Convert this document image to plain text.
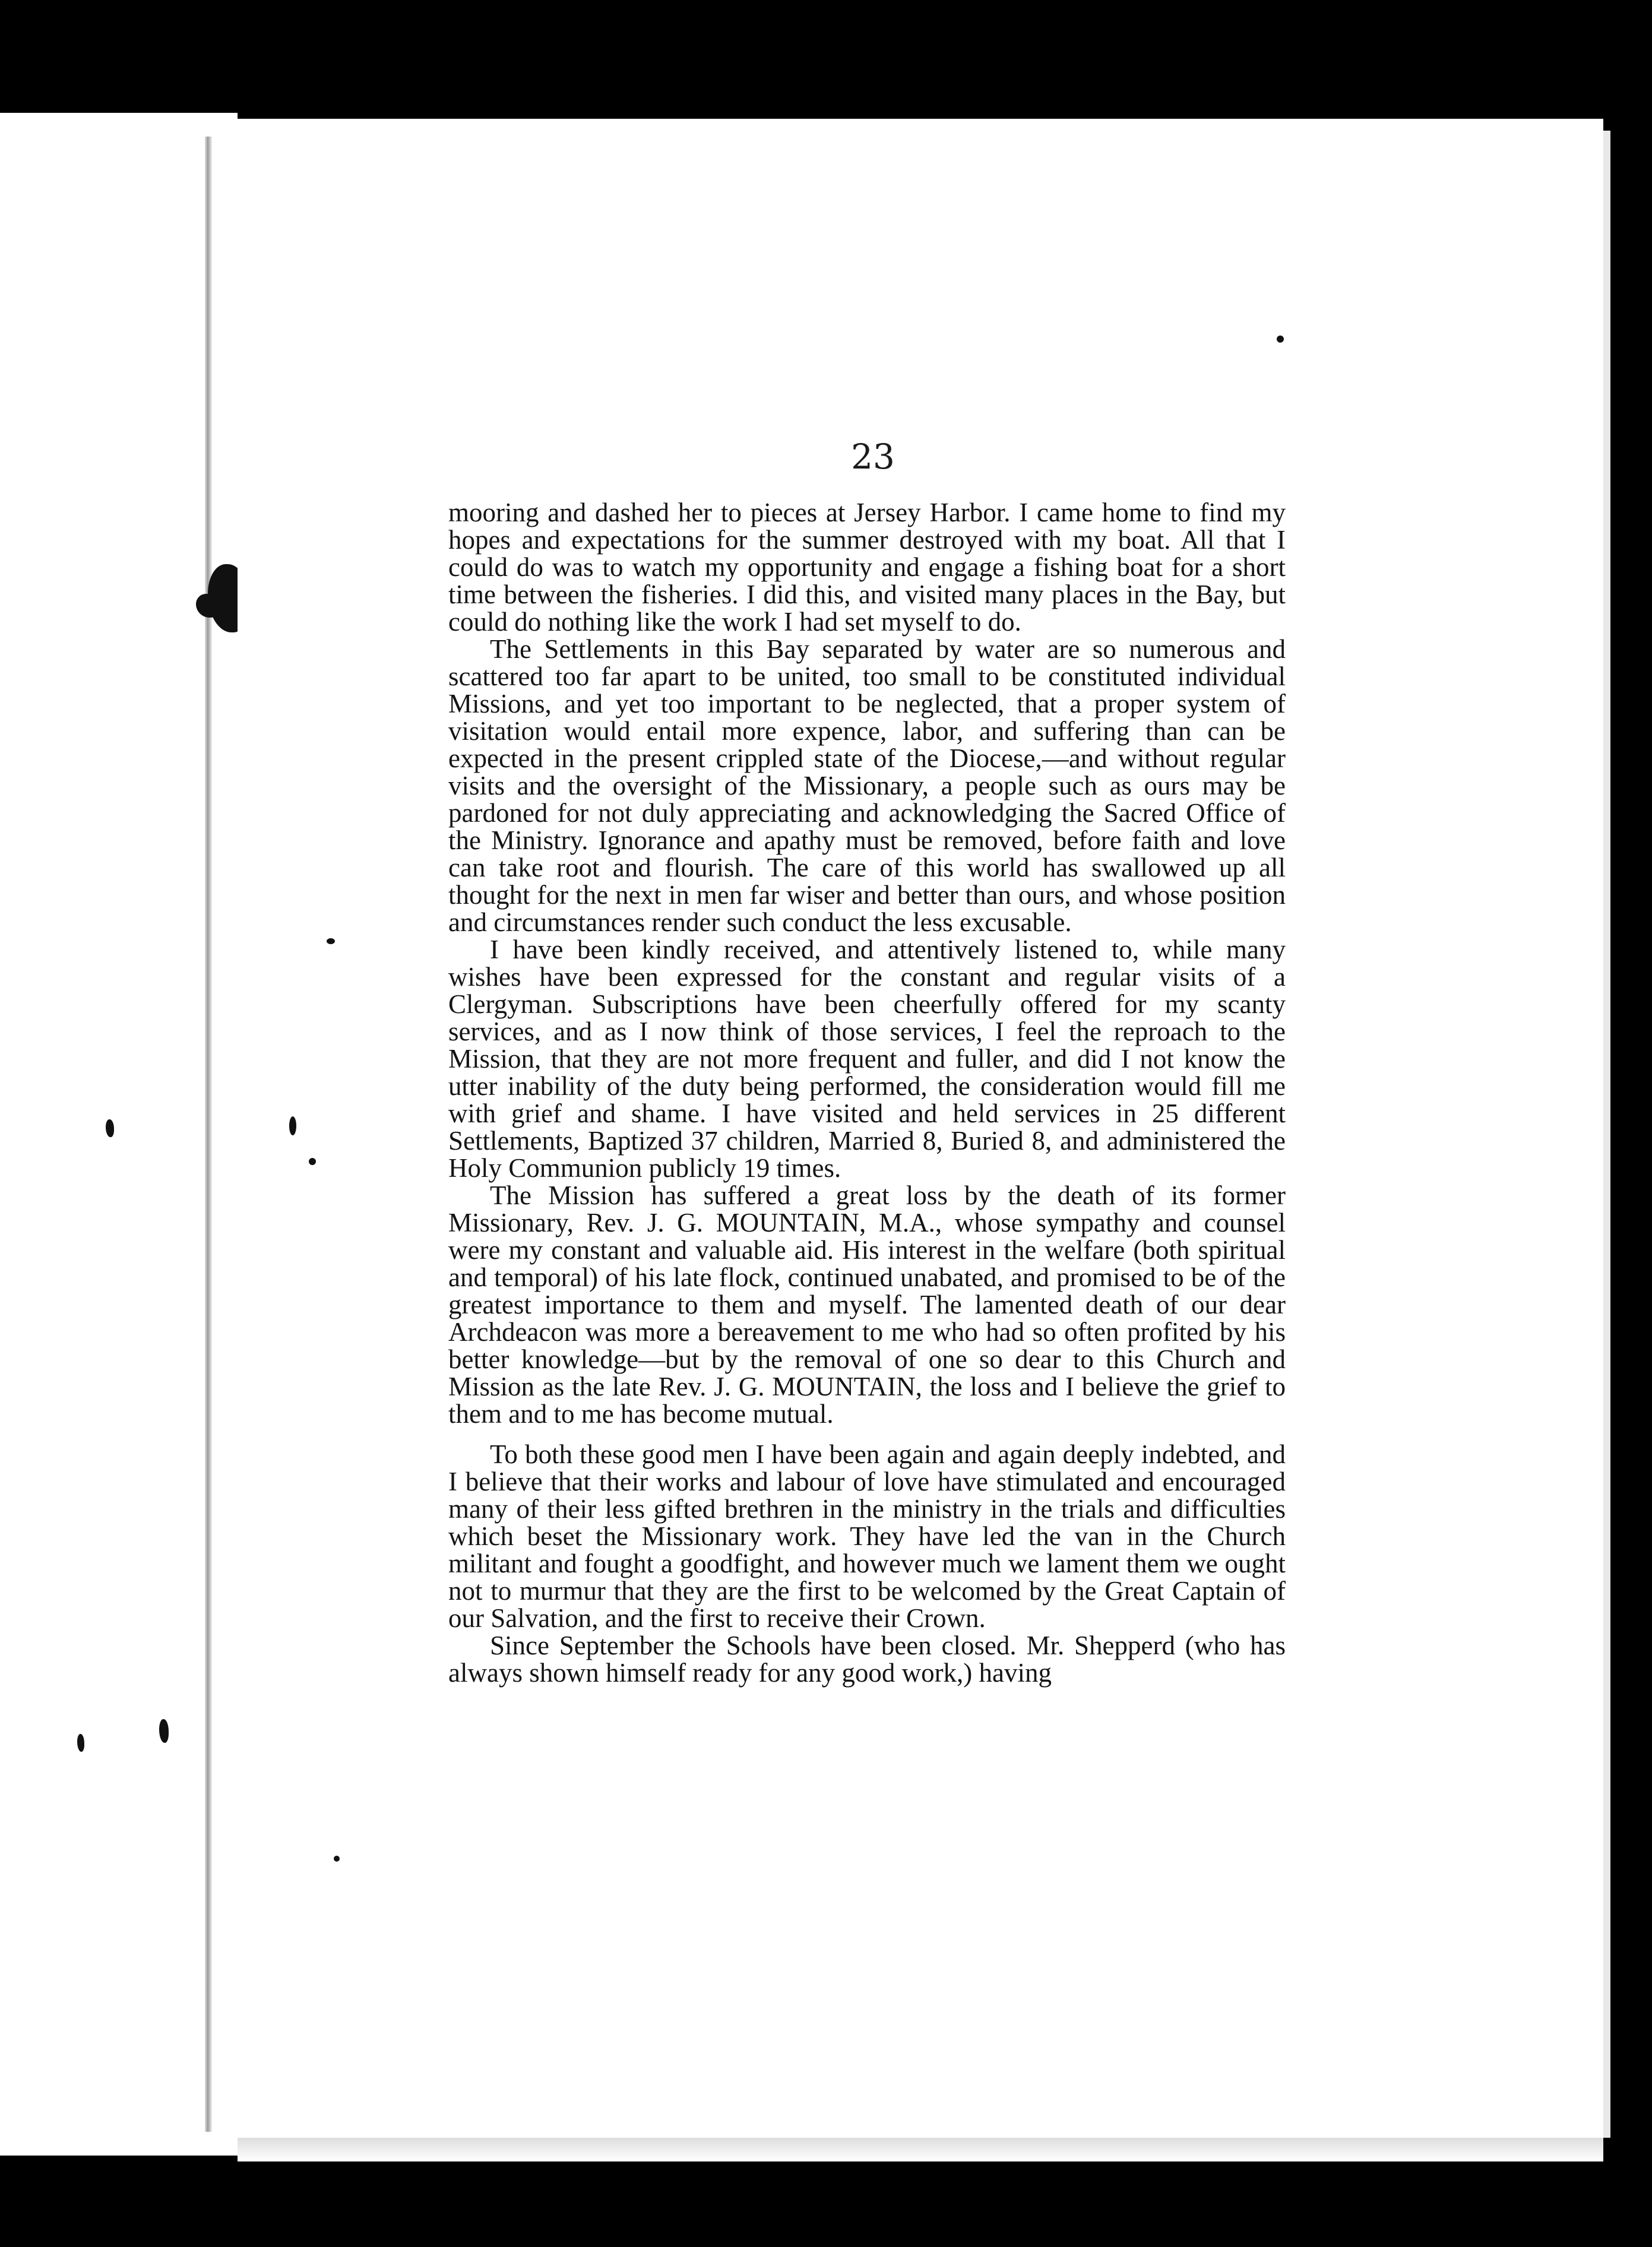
23

mooring and dashed her to pieces at Jersey Harbor. I came home to find my hopes and expectations for the summer destroyed with my boat. All that I could do was to watch my opportunity and engage a fishing boat for a short time between the fisheries. I did this, and visited many places in the Bay, but could do nothing like the work I had set myself to do.

The Settlements in this Bay separated by water are so numerous and scattered too far apart to be united, too small to be constituted individual Missions, and yet too important to be neglected, that a proper system of visitation would entail more expence, labor, and suffering than can be expected in the present crippled state of the Diocese,—and without regular visits and the oversight of the Missionary, a people such as ours may be pardoned for not duly appreciating and acknowledging the Sacred Office of the Ministry. Ignorance and apathy must be removed, before faith and love can take root and flourish. The care of this world has swallowed up all thought for the next in men far wiser and better than ours, and whose position and circumstances render such conduct the less excusable.

I have been kindly received, and attentively listened to, while many wishes have been expressed for the constant and regular visits of a Clergyman. Subscriptions have been cheerfully offered for my scanty services, and as I now think of those services, I feel the reproach to the Mission, that they are not more frequent and fuller, and did I not know the utter inability of the duty being performed, the consideration would fill me with grief and shame. I have visited and held services in 25 different Settlements, Baptized 37 children, Married 8, Buried 8, and administered the Holy Communion publicly 19 times.

The Mission has suffered a great loss by the death of its former Missionary, Rev. J. G. MOUNTAIN, M.A., whose sympathy and counsel were my constant and valuable aid. His interest in the welfare (both spiritual and temporal) of his late flock, continued unabated, and promised to be of the greatest importance to them and myself. The lamented death of our dear Archdeacon was more a bereavement to me who had so often profited by his better knowledge—but by the removal of one so dear to this Church and Mission as the late Rev. J. G. MOUNTAIN, the loss and I believe the grief to them and to me has become mutual.

To both these good men I have been again and again deeply indebted, and I believe that their works and labour of love have stimulated and encouraged many of their less gifted brethren in the ministry in the trials and difficulties which beset the Missionary work. They have led the van in the Church militant and fought a goodfight, and however much we lament them we ought not to murmur that they are the first to be welcomed by the Great Captain of our Salvation, and the first to receive their Crown.

Since September the Schools have been closed. Mr. Shepperd (who has always shown himself ready for any good work,) having
